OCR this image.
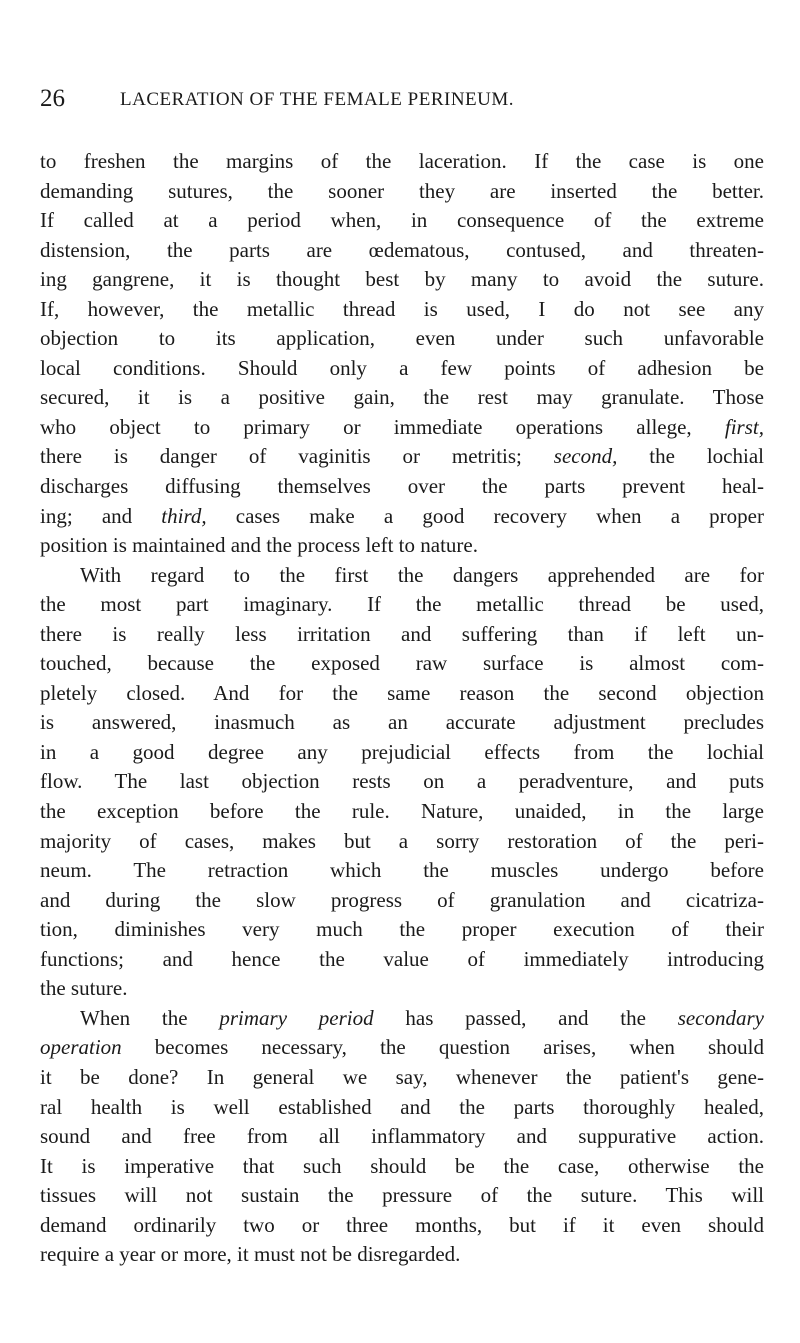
26	LACERATION OF THE FEMALE PERINEUM.
to freshen the margins of the laceration. If the case is one
demanding sutures, the sooner they are inserted the better.
If called at a period when, in consequence of the extreme
distension, the parts are œdematous, contused, and threaten-
ing gangrene, it is thought best by many to avoid the suture.
If, however, the metallic thread is used, I do not see any
objection to its application, even under such unfavorable
local conditions. Should only a few points of adhesion be
secured, it is a positive gain, the rest may granulate. Those
who object to primary or immediate operations allege, first,
there is danger of vaginitis or metritis; second, the lochial
discharges diffusing themselves over the parts prevent heal-
ing; and third, cases make a good recovery when a proper
position is maintained and the process left to nature.
With regard to the first the dangers apprehended are for
the most part imaginary. If the metallic thread be used,
there is really less irritation and suffering than if left un-
touched, because the exposed raw surface is almost com-
pletely closed. And for the same reason the second objection
is answered, inasmuch as an accurate adjustment precludes
in a good degree any prejudicial effects from the lochial
flow. The last objection rests on a peradventure, and puts
the exception before the rule. Nature, unaided, in the large
majority of cases, makes but a sorry restoration of the peri-
neum. The retraction which the muscles undergo before
and during the slow progress of granulation and cicatriza-
tion, diminishes very much the proper execution of their
functions; and hence the value of immediately introducing
the suture.
When the primary period has passed, and the secondary
operation becomes necessary, the question arises, when should
it be done? In general we say, whenever the patient's gene-
ral health is well established and the parts thoroughly healed,
sound and free from all inflammatory and suppurative action.
It is imperative that such should be the case, otherwise the
tissues will not sustain the pressure of the suture. This will
demand ordinarily two or three months, but if it even should
require a year or more, it must not be disregarded.
